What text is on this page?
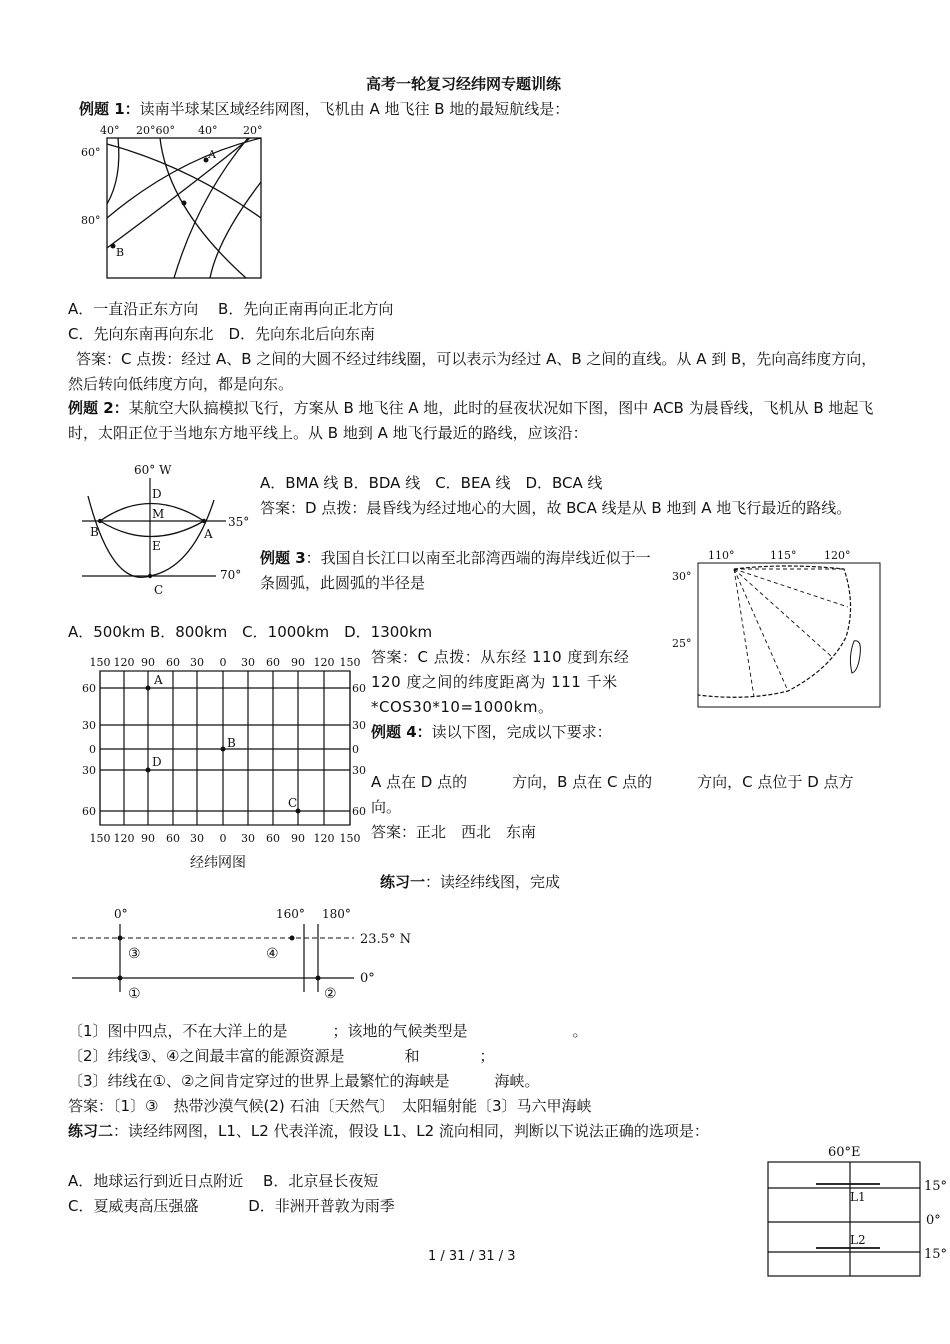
高考一轮复习经纬网专题训练
例题 1：读南半球某区域经纬网图，飞机由 A 地飞往 B 地的最短航线是：
40° 20°60° 40° 20°
60°
80°
A
B
A．一直沿正东方向　 B．先向正南再向正北方向
C．先向东南再向东北　D．先向东北后向东南
答案：C 点拨：经过 A、B 之间的大圆不经过纬线圈，可以表示为经过 A、B 之间的直线。从 A 到 B，先向高纬度方向，然后转向低纬度方向，都是向东。
例题 2：某航空大队搞模拟飞行，方案从 B 地飞往 A 地，此时的昼夜状况如下图，图中 ACB 为晨昏线，飞机从 B 地起飞时，太阳正位于当地东方地平线上。从 B 地到 A 地飞行最近的路线，应该沿：
60° W
D
M
35°
B	A
E
70°
C
A．BMA 线 B．BDA 线　C．BEA 线　D．BCA 线
答案：D 点拨：晨昏线为经过地心的大圆，故 BCA 线是从 B 地到 A 地飞行最近的路线。
例题 3：我国自长江口以南至北部湾西端的海岸线近似于一条圆弧，此圆弧的半径是
110°	115°	120°
30°
25°
A．500km B．800km　C．1000km　D．1300km
答案：C 点拨：从东经 110 度到东经 120 度之间的纬度距离为 111 千米*COS30*10=1000km。
150 120 90 60 30 0 30 60 90 120 150
150 120 90 60 30 0 30 60 90 120 150
60
30
0
30
60
60
30
0
30
60
A
B
D
C
经纬网图
例题 4：读以下图，完成以下要求：
A 点在 D 点的　　　方向，B 点在 C 点的　　　方向，C 点位于 D 点方向。
答案：正北　西北　东南
练习一：读经纬线图，完成
0°	160° 180°
23.5° N
0°
③	④
①	②
〔1〕图中四点，不在大洋上的是　　　；该地的气候类型是　　　　　　　。
〔2〕纬线③、④之间最丰富的能源资源是　　　　和　　　　；
〔3〕纬线在①、②之间肯定穿过的世界上最繁忙的海峡是　　　海峡。
答案：〔1〕③　热带沙漠气候(2) 石油〔天然气〕　太阳辐射能〔3〕马六甲海峡
练习二：读经纬网图，L1、L2 代表洋流，假设 L1、L2 流向相同，判断以下说法正确的选项是：
A．地球运行到近日点附近　 B．北京昼长夜短
C．夏威夷高压强盛　　　 D．非洲开普敦为雨季
60°E
15°
0°
15°
L1
L2
1 / 31 / 31 / 3
